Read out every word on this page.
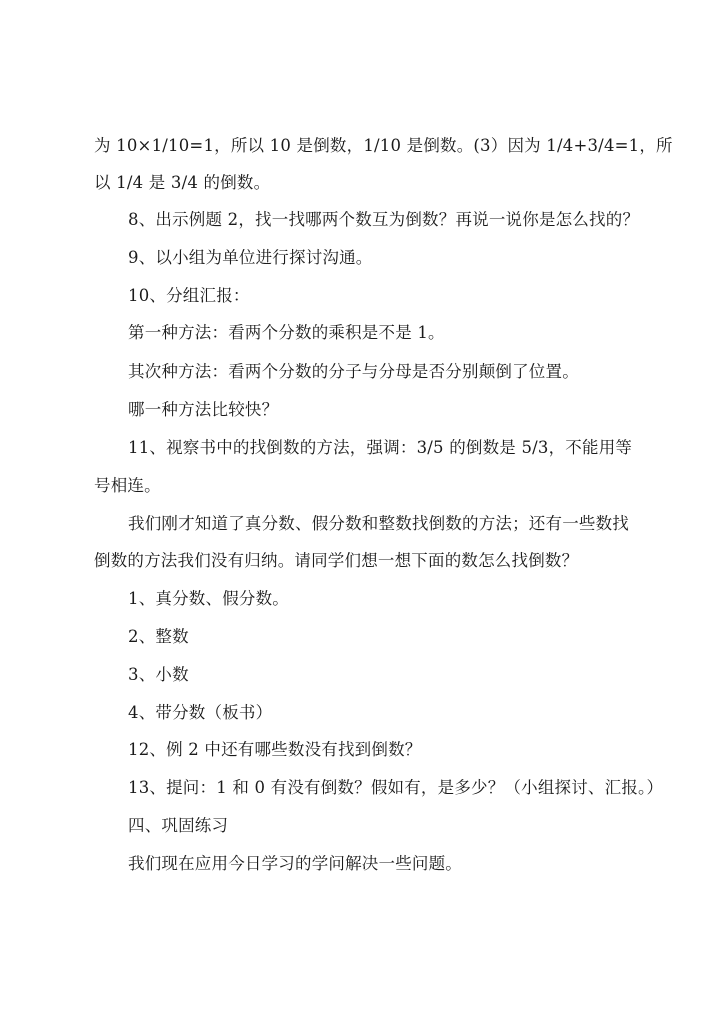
为 10×1/10=1，所以 10 是倒数，1/10 是倒数。(3）因为 1/4+3/4=1，所
以 1/4 是 3/4 的倒数。
8、出示例题 2，找一找哪两个数互为倒数？再说一说你是怎么找的？
9、以小组为单位进行探讨沟通。
10、分组汇报：
第一种方法：看两个分数的乘积是不是 1。
其次种方法：看两个分数的分子与分母是否分别颠倒了位置。
哪一种方法比较快？
11、视察书中的找倒数的方法，强调：3/5 的倒数是 5/3，不能用等
号相连。
我们刚才知道了真分数、假分数和整数找倒数的方法；还有一些数找
倒数的方法我们没有归纳。请同学们想一想下面的数怎么找倒数？
1、真分数、假分数。
2、整数
3、小数
4、带分数（板书）
12、例 2 中还有哪些数没有找到倒数？
13、提问：1 和 0 有没有倒数？假如有，是多少？（小组探讨、汇报。）
四、巩固练习
我们现在应用今日学习的学问解决一些问题。
